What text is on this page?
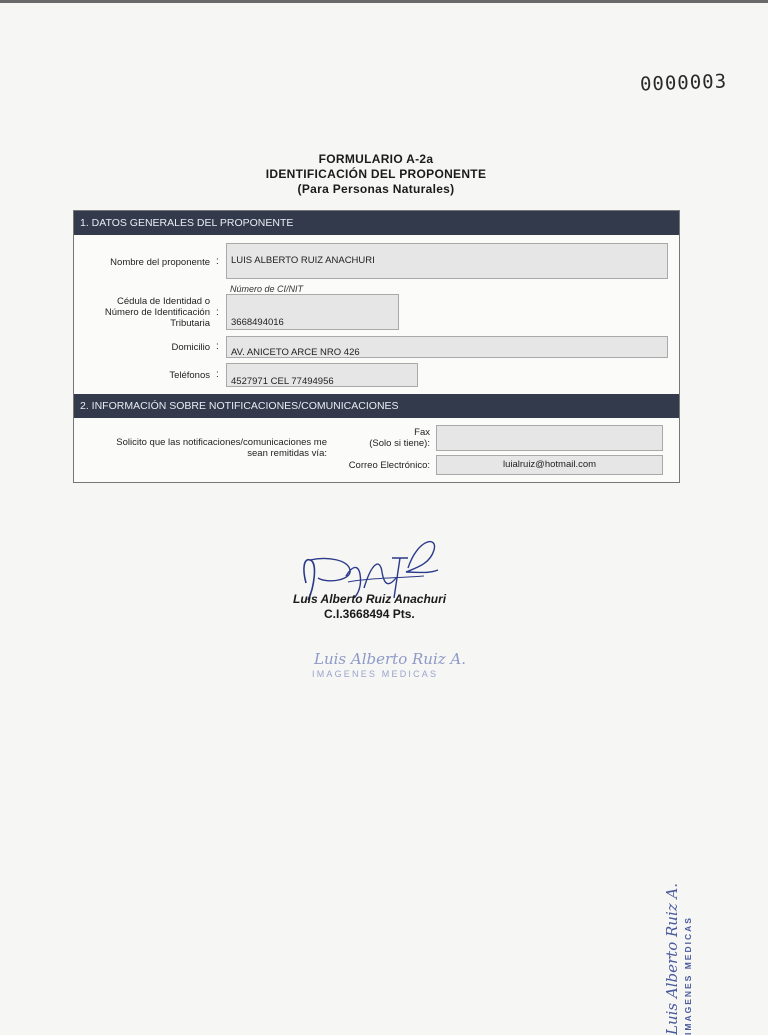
0000003
FORMULARIO A-2a
IDENTIFICACIÓN DEL PROPONENTE
(Para Personas Naturales)
1. DATOS GENERALES DEL PROPONENTE
Nombre del proponente :	LUIS ALBERTO RUIZ ANACHURI
Número de CI/NIT
Cédula de Identidad o
Número de Identificación
Tributaria
:
3668494016
Domicilio :
AV. ANICETO ARCE NRO 426
Teléfonos :
4527971 CEL 77494956
2. INFORMACIÓN SOBRE NOTIFICACIONES/COMUNICACIONES
Solicito que las notificaciones/comunicaciones me
sean remitidas vía:
Fax
(Solo si tiene):
Correo Electrónico:	luialruiz@hotmail.com
Luis Alberto Ruiz Anachuri
C.I.3668494 Pts.
Luis Alberto Ruiz A.
IMAGENES MEDICAS
Luis Alberto Ruiz A. IMAGENES MEDICAS
